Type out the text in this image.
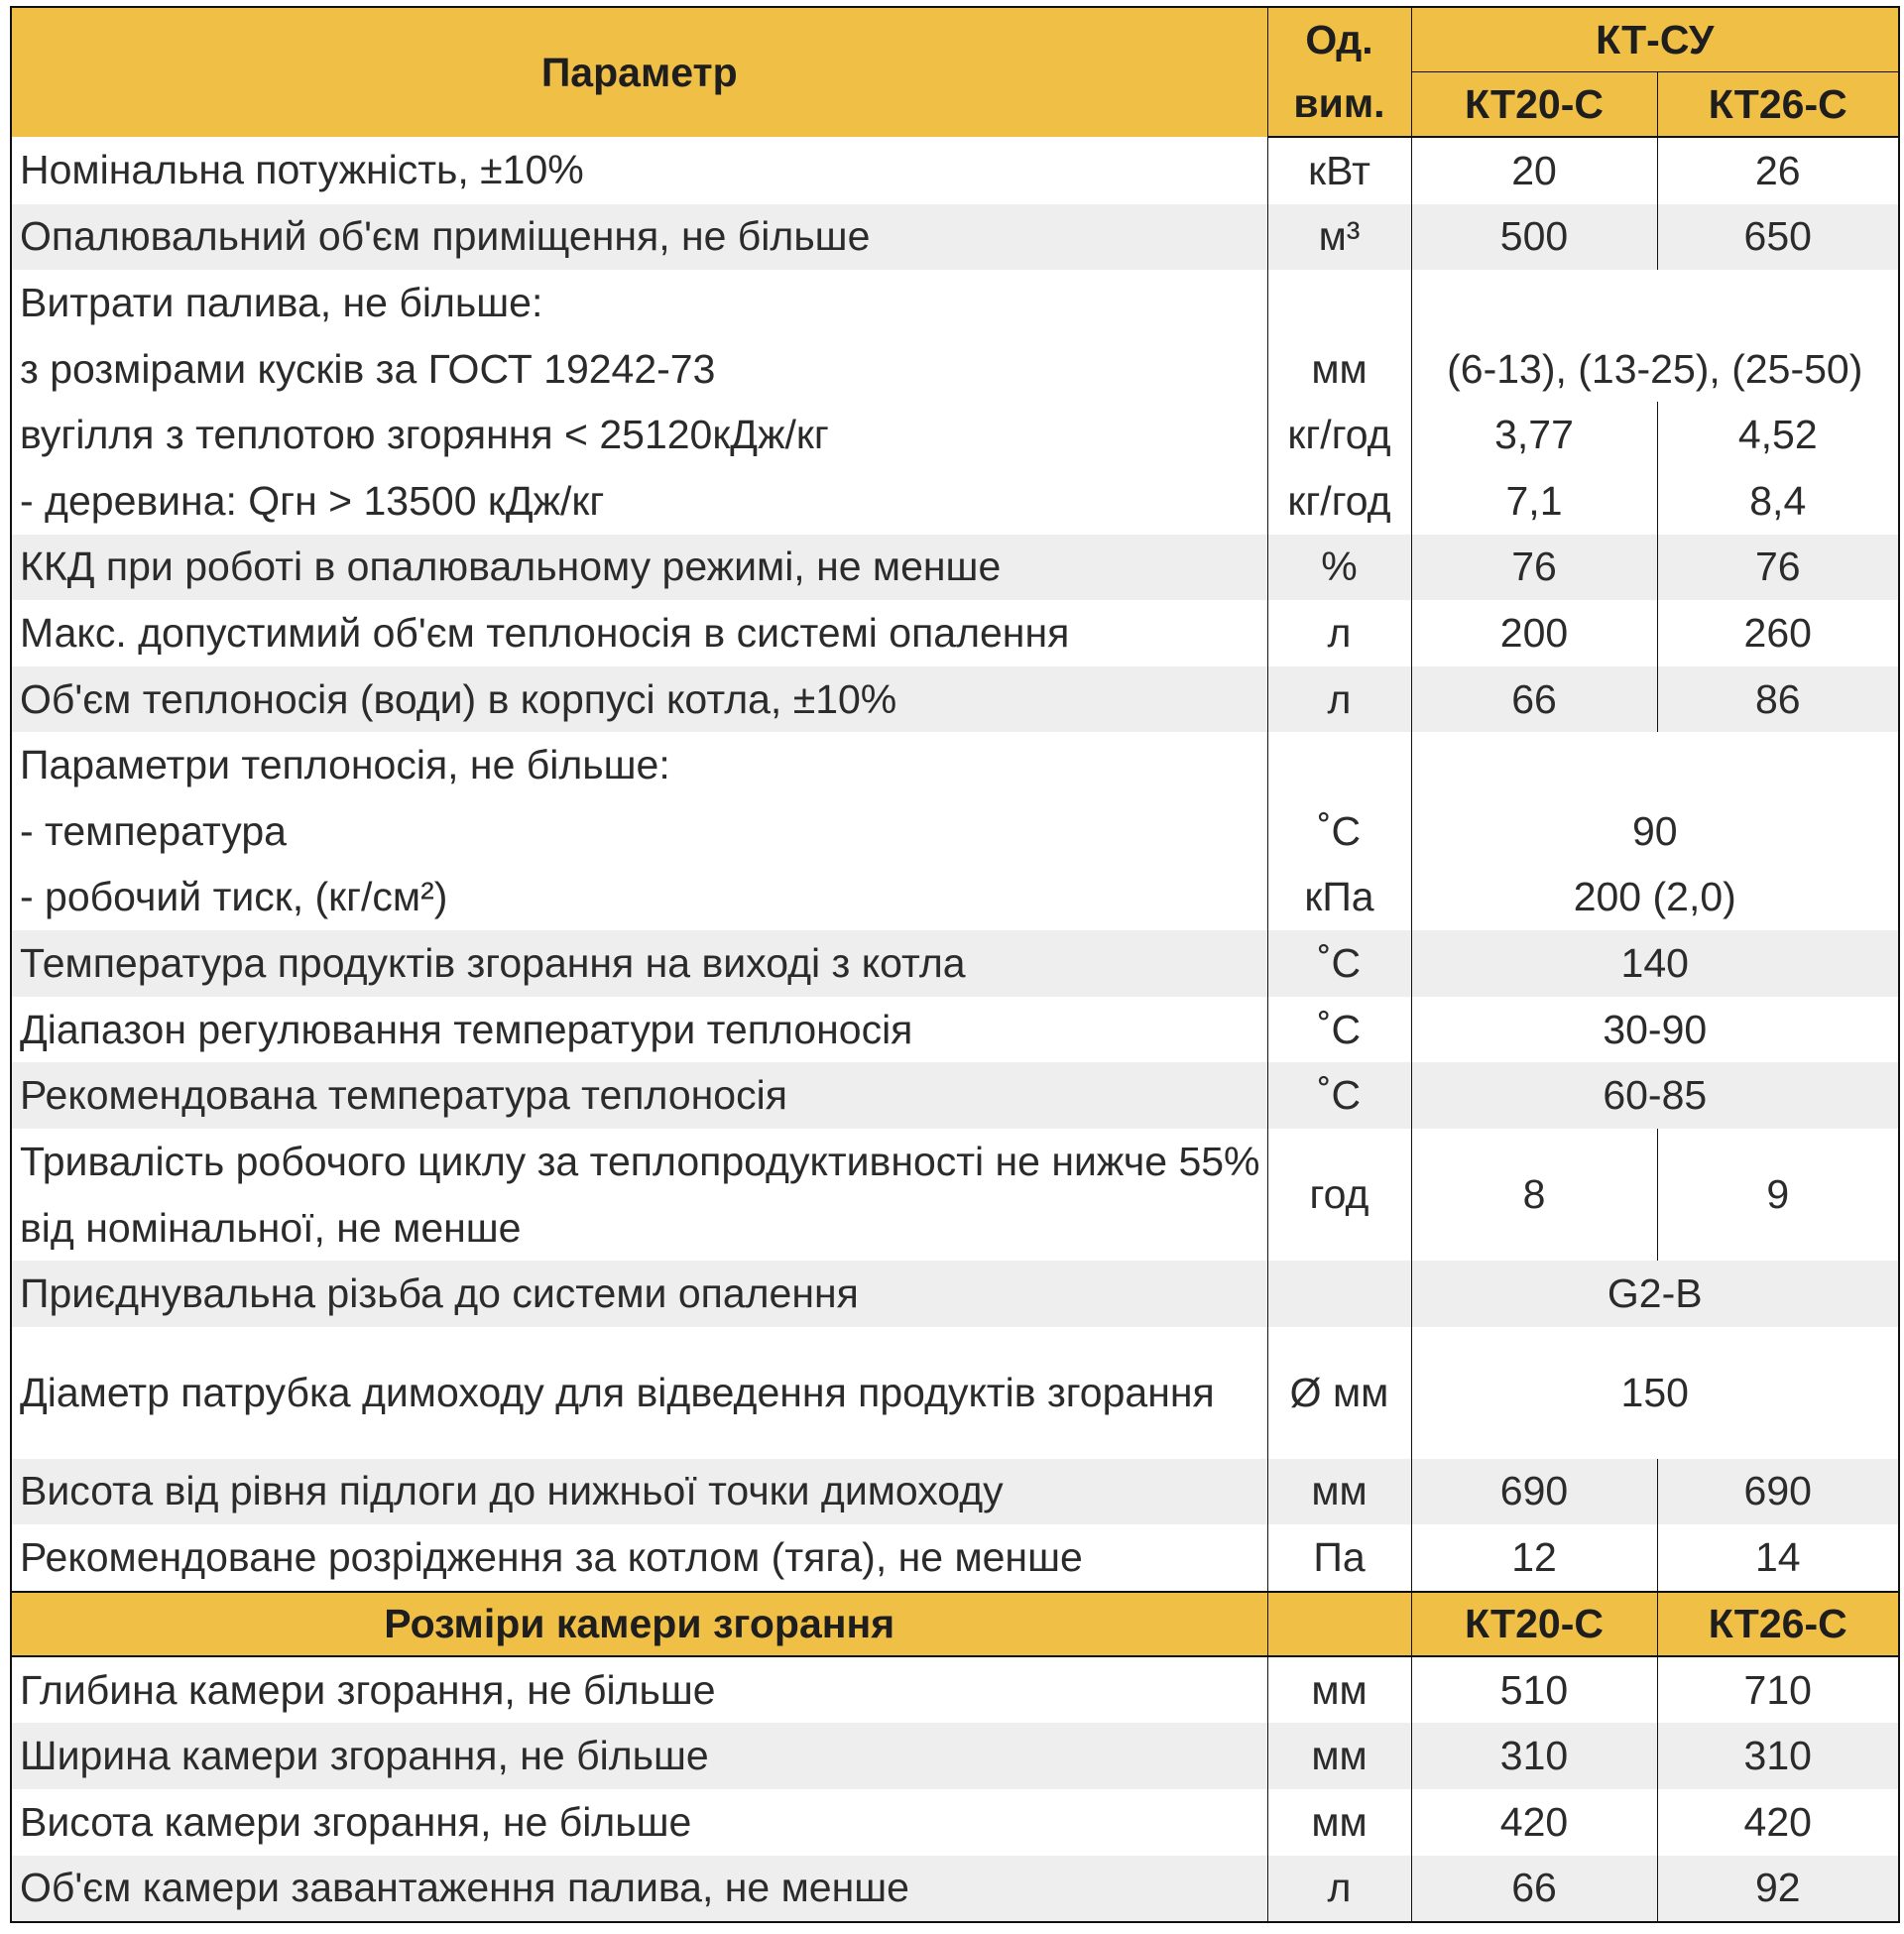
Параметр	Од.	КТ-СУ	
	вим.	КТ20-С	КТ26-С
Номінальна потужність, ±10%	кВт	20	26
Опалювальний об'єм приміщення, не більше	м³	500	650
Витрати палива, не більше:			
з розмірами кусків за ГОСТ 19242-73	мм	(6-13), (13-25), (25-50)	
вугілля з теплотою згоряння < 25120кДж/кг	кг/год	3,77	4,52
- деревина: Qгн > 13500 кДж/кг	кг/год	7,1	8,4
ККД при роботі в опалювальному режимі, не менше	%	76	76
Макс. допустимий об'єм теплоносія в системі опалення	л	200	260
Об'єм теплоносія (води) в корпусі котла, ±10%	л	66	86
Параметри теплоносія, не більше:			
- температура	˚С	90	
- робочий тиск, (кг/см²)	кПа	200 (2,0)	
Температура продуктів згорання на виході з котла	˚С	140	
Діапазон регулювання температури теплоносія	˚С	30-90	
Рекомендована температура теплоносія	˚С	60-85	
Тривалість робочого циклу за теплопродуктивності не нижче 55% від номінальної, не менше	год	8	9
Приєднувальна різьба до системи опалення		G2-B	
Діаметр патрубка димоходу для відведення продуктів згорання	Ø мм	150	
Висота від рівня підлоги до нижньої точки димоходу	мм	690	690
Рекомендоване розрідження за котлом (тяга), не менше	Па	12	14
Розміри камери згорання		КТ20-С	КТ26-С
Глибина камери згорання, не більше	мм	510	710
Ширина камери згорання, не більше	мм	310	310
Висота камери згорання, не більше	мм	420	420
Об'єм камери завантаження палива, не менше	л	66	92
